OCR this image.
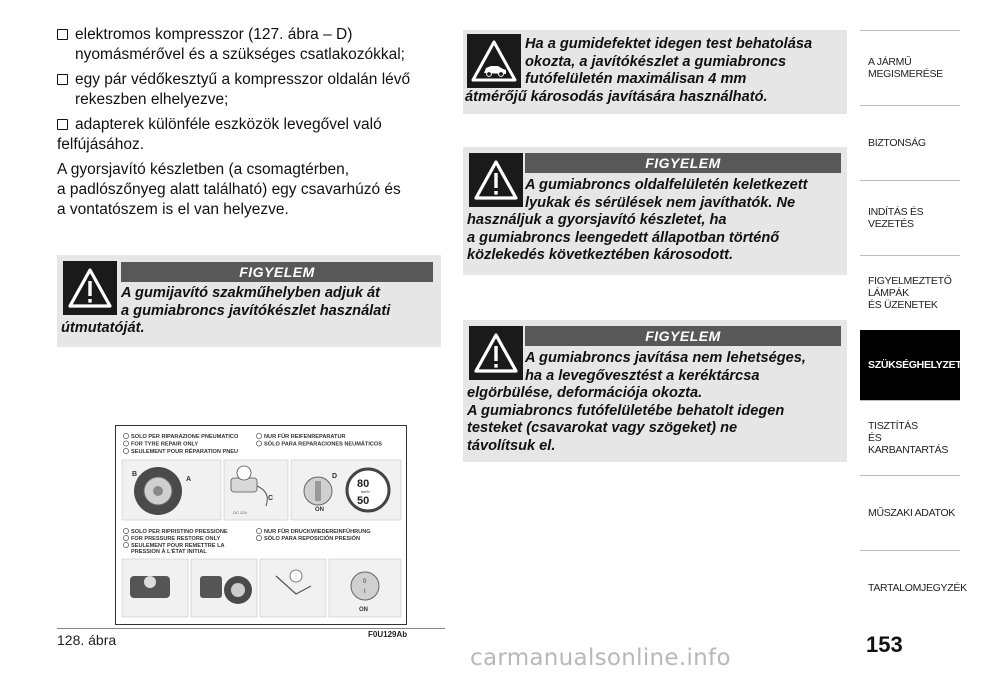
elektromos kompresszor (127. ábra – D)
nyomásmérővel és a szükséges csatlakozókkal;
egy pár védőkesztyű a kompresszor oldalán lévő
rekeszben elhelyezve;
adapterek különféle eszközök levegővel való
felfújásához.
A gyorsjavító készletben (a csomagtérben,
a padlószőnyeg alatt található) egy csavarhúzó és
a vontatószem is el van helyezve.
FIGYELEM
A gumijavító szakműhelyben adjuk át
a gumiabroncs javítókészlet használati
útmutatóját.
Ha a gumidefektet idegen test behatolása
okozta, a javítókészlet a gumiabroncs
futófelületén maximálisan 4 mm
átmérőjű károsodás javítására használható.
FIGYELEM
A gumiabroncs oldalfelületén keletkezett
lyukak és sérülések nem javíthatók. Ne
használjuk a gyorsjavító készletet, ha
a gumiabroncs leengedett állapotban történő
közlekedés következtében károsodott.
FIGYELEM
A gumiabroncs javítása nem lehetséges,
ha a levegővesztést a keréktárcsa
elgörbülése, deformációja okozta.
A gumiabroncs futófelületébe behatolt idegen
testeket (csavarokat vagy szögeket) ne
távolítsuk el.
SOLO PER RIPARAZIONE PNEUMATICO
FOR TYRE REPAIR ONLY
SEULEMENT POUR RÉPARATION PNEU
NUR FÜR REIFENREPARATUR
SÓLO PARA REPARACIONES NEUMÁTICOS
SOLO PER RIPRISTINO PRESSIONE
FOR PRESSURE RESTORE ONLY
SEULEMENT POUR REMETTRE LA
PRESSION À L'ÉTAT INITIAL
NUR FÜR DRUCKWIEDEREINFÜHRUNG
SÓLO PARA REPOSICIÓN PRESIÓN
B
A
C
DC 12V	ON
D
80
km/h
50
0
I
ON
128. ábra	F0U129Ab
A JÁRMŰ
MEGISMERÉSE
BIZTONSÁG
INDÍTÁS ÉS VEZETÉS
FIGYELMEZTETŐ
LÁMPÁK
ÉS ÜZENETEK
SZÜKSÉGHELYZETBEN
TISZTÍTÁS
ÉS KARBANTARTÁS
MŰSZAKI ADATOK
TARTALOMJEGYZÉK
153
carmanualsonline.info
